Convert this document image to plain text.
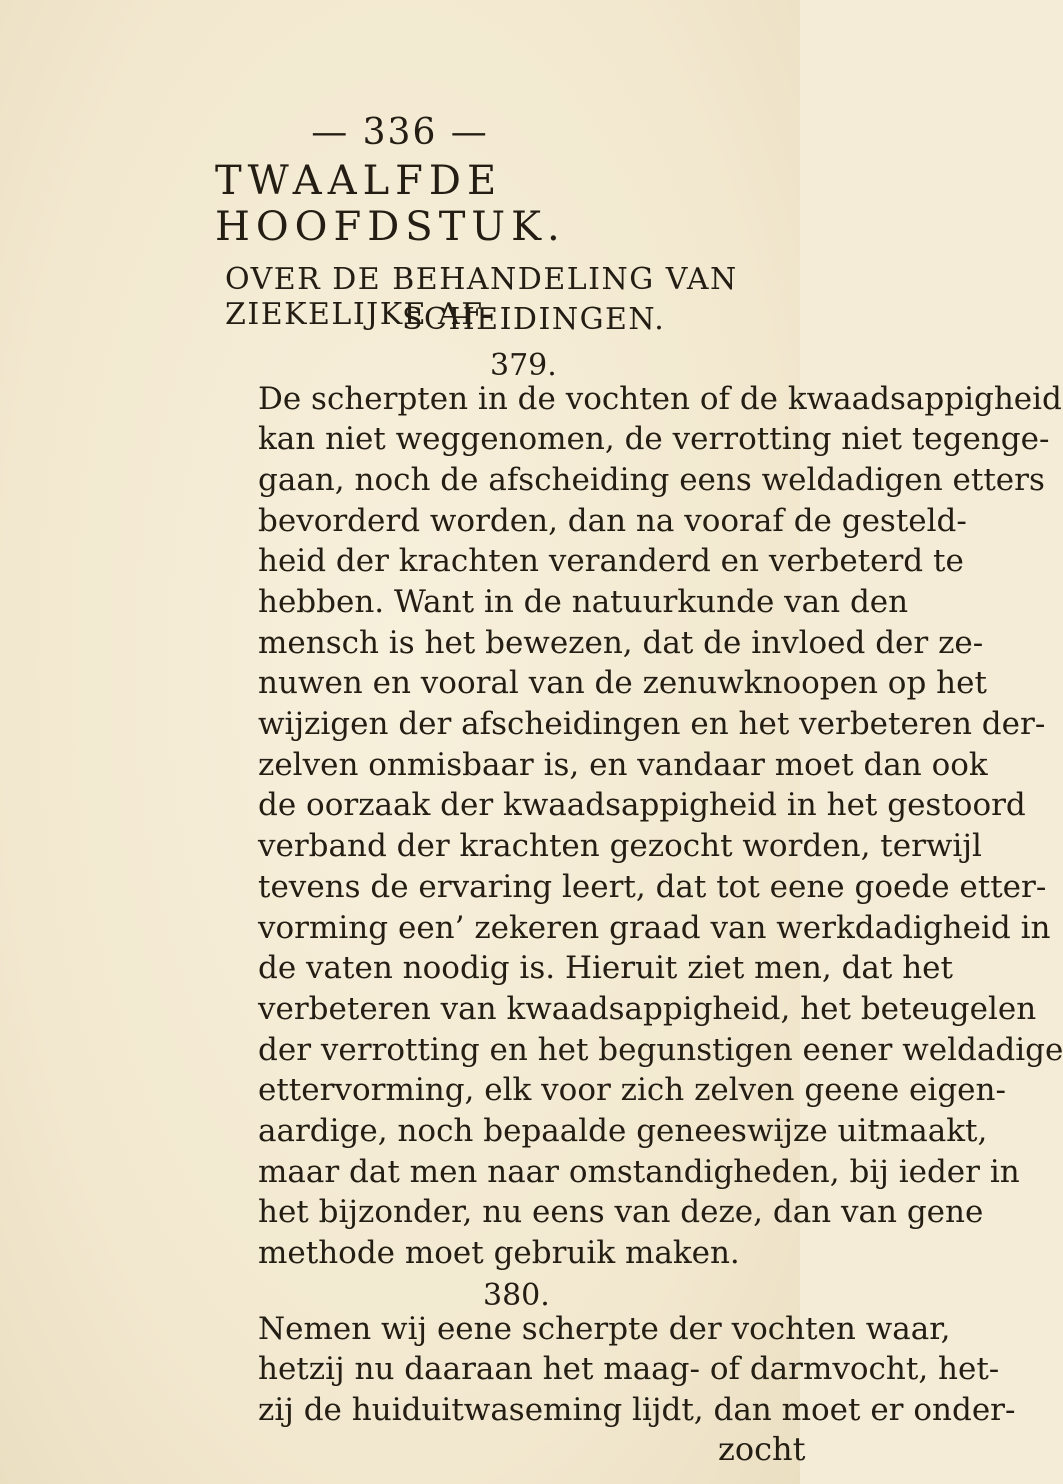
— 336 —
TWAALFDE HOOFDSTUK.
OVER DE BEHANDELING VAN ZIEKELIJKE AF-
SCHEIDINGEN.
379.
De scherpten in de vochten of de kwaadsappigheid
kan niet weggenomen, de verrotting niet tegenge-
gaan, noch de afscheiding eens weldadigen etters
bevorderd worden, dan na vooraf de gesteld-
heid der krachten veranderd en verbeterd te
hebben. Want in de natuurkunde van den
mensch is het bewezen, dat de invloed der ze-
nuwen en vooral van de zenuwknoopen op het
wijzigen der afscheidingen en het verbeteren der-
zelven onmisbaar is, en vandaar moet dan ook
de oorzaak der kwaadsappigheid in het gestoord
verband der krachten gezocht worden, terwijl
tevens de ervaring leert, dat tot eene goede etter-
vorming een’ zekeren graad van werkdadigheid in
de vaten noodig is. Hieruit ziet men, dat het
verbeteren van kwaadsappigheid, het beteugelen
der verrotting en het begunstigen eener weldadige
ettervorming, elk voor zich zelven geene eigen-
aardige, noch bepaalde geneeswijze uitmaakt,
maar dat men naar omstandigheden, bij ieder in
het bijzonder, nu eens van deze, dan van gene
methode moet gebruik maken.
380.
Nemen wij eene scherpte der vochten waar,
hetzij nu daaraan het maag- of darmvocht, het-
zij de huiduitwaseming lijdt, dan moet er onder-
zocht
